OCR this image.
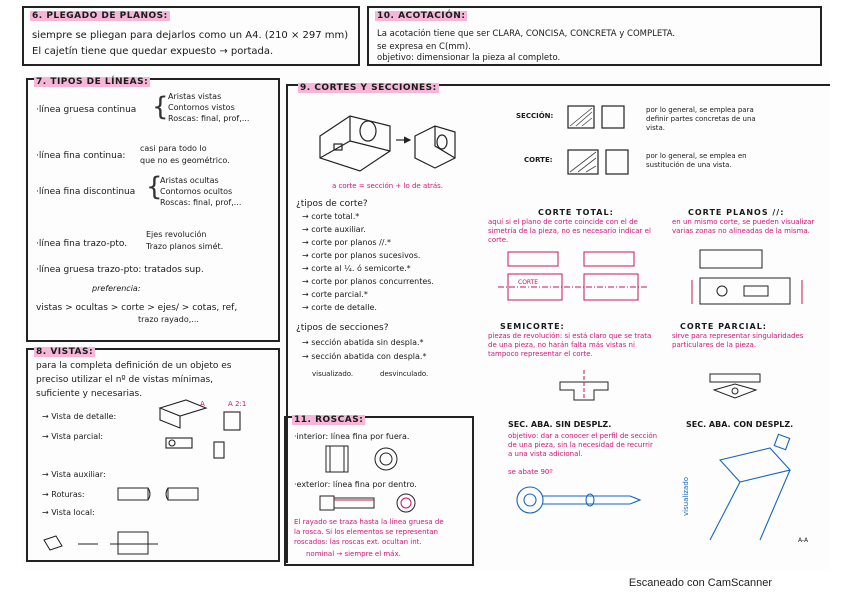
6. PLEGADO DE PLANOS:
siempre se pliegan para dejarlos como un A4. (210 × 297 mm)
El cajetín tiene que quedar expuesto → portada.
10. ACOTACIÓN:
La acotación tiene que ser CLARA, CONCISA, CONCRETA y COMPLETA.
se expresa en C(mm).
objetivo: dimensionar la pieza al completo.
7. TIPOS DE LÍNEAS:
·línea gruesa continua { Aristas vistas
Contornos vistos
Roscas: final, prof,...
·línea fina continua:
casi para todo lo
que no es geométrico.
·línea fina discontinua {
Aristas ocultas
Contornos ocultos
Roscas: final, prof,...
·línea fina trazo-pto.
Ejes revolución
Trazo planos simét.
·línea gruesa trazo-pto: tratados sup.
preferencia:
vistas > ocultas > corte > ejes/ > cotas, ref,
trazo rayado,...
9. CORTES Y SECCIONES:
a corte = sección + lo de atrás.
SECCIÓN:
por lo general, se emplea para definir partes concretas de una vista.
CORTE:	por lo general, se emplea en sustitución de una vista.
¿tipos de corte?
→ corte total.*
→ corte auxiliar.
→ corte por planos //.*
→ corte por planos sucesivos.
→ corte al ¼. ó semicorte.*
→ corte por planos concurrentes.
→ corte parcial.*
→ corte de detalle.
¿tipos de secciones?
→ sección abatida sin despla.*
→ sección abatida con despla.*
visualizado.	desvinculado.
CORTE TOTAL:
aquí si el plano de corte coincide con el de simetría de la pieza, no es necesario indicar el corte.
CORTE
CORTE PLANOS //:
en un mismo corte, se pueden visualizar varias zonas no alineadas de la misma.
SEMICORTE:
piezas de revolución: si está claro que se trata de una pieza, no harán falta más vistas ni tampoco representar el corte.
CORTE PARCIAL:
sirve para representar singularidades particulares de la pieza.
SEC. ABA. SIN DESPLZ.
objetivo: dar a conocer el perfil de sección de una pieza, sin la necesidad de recurrir a una vista adicional.
se abate 90º
SEC. ABA. CON DESPLZ.
visualizado
A-A
8. VISTAS:
para la completa definición de un objeto es
preciso utilizar el nº de vistas mínimas,
suficiente y necesarias.
→ Vista de detalle:
→ Vista parcial:
→ Vista auxiliar:
→ Roturas:
→ Vista local:
A 2:1
A
11. ROSCAS:
·interior: línea fina por fuera.
·exterior: línea fina por dentro.
El rayado se traza hasta la línea gruesa de
la rosca. Si los elementos se representan
roscados: las roscas ext. ocultan int.
nominal → siempre el máx.
Escaneado con CamScanner
